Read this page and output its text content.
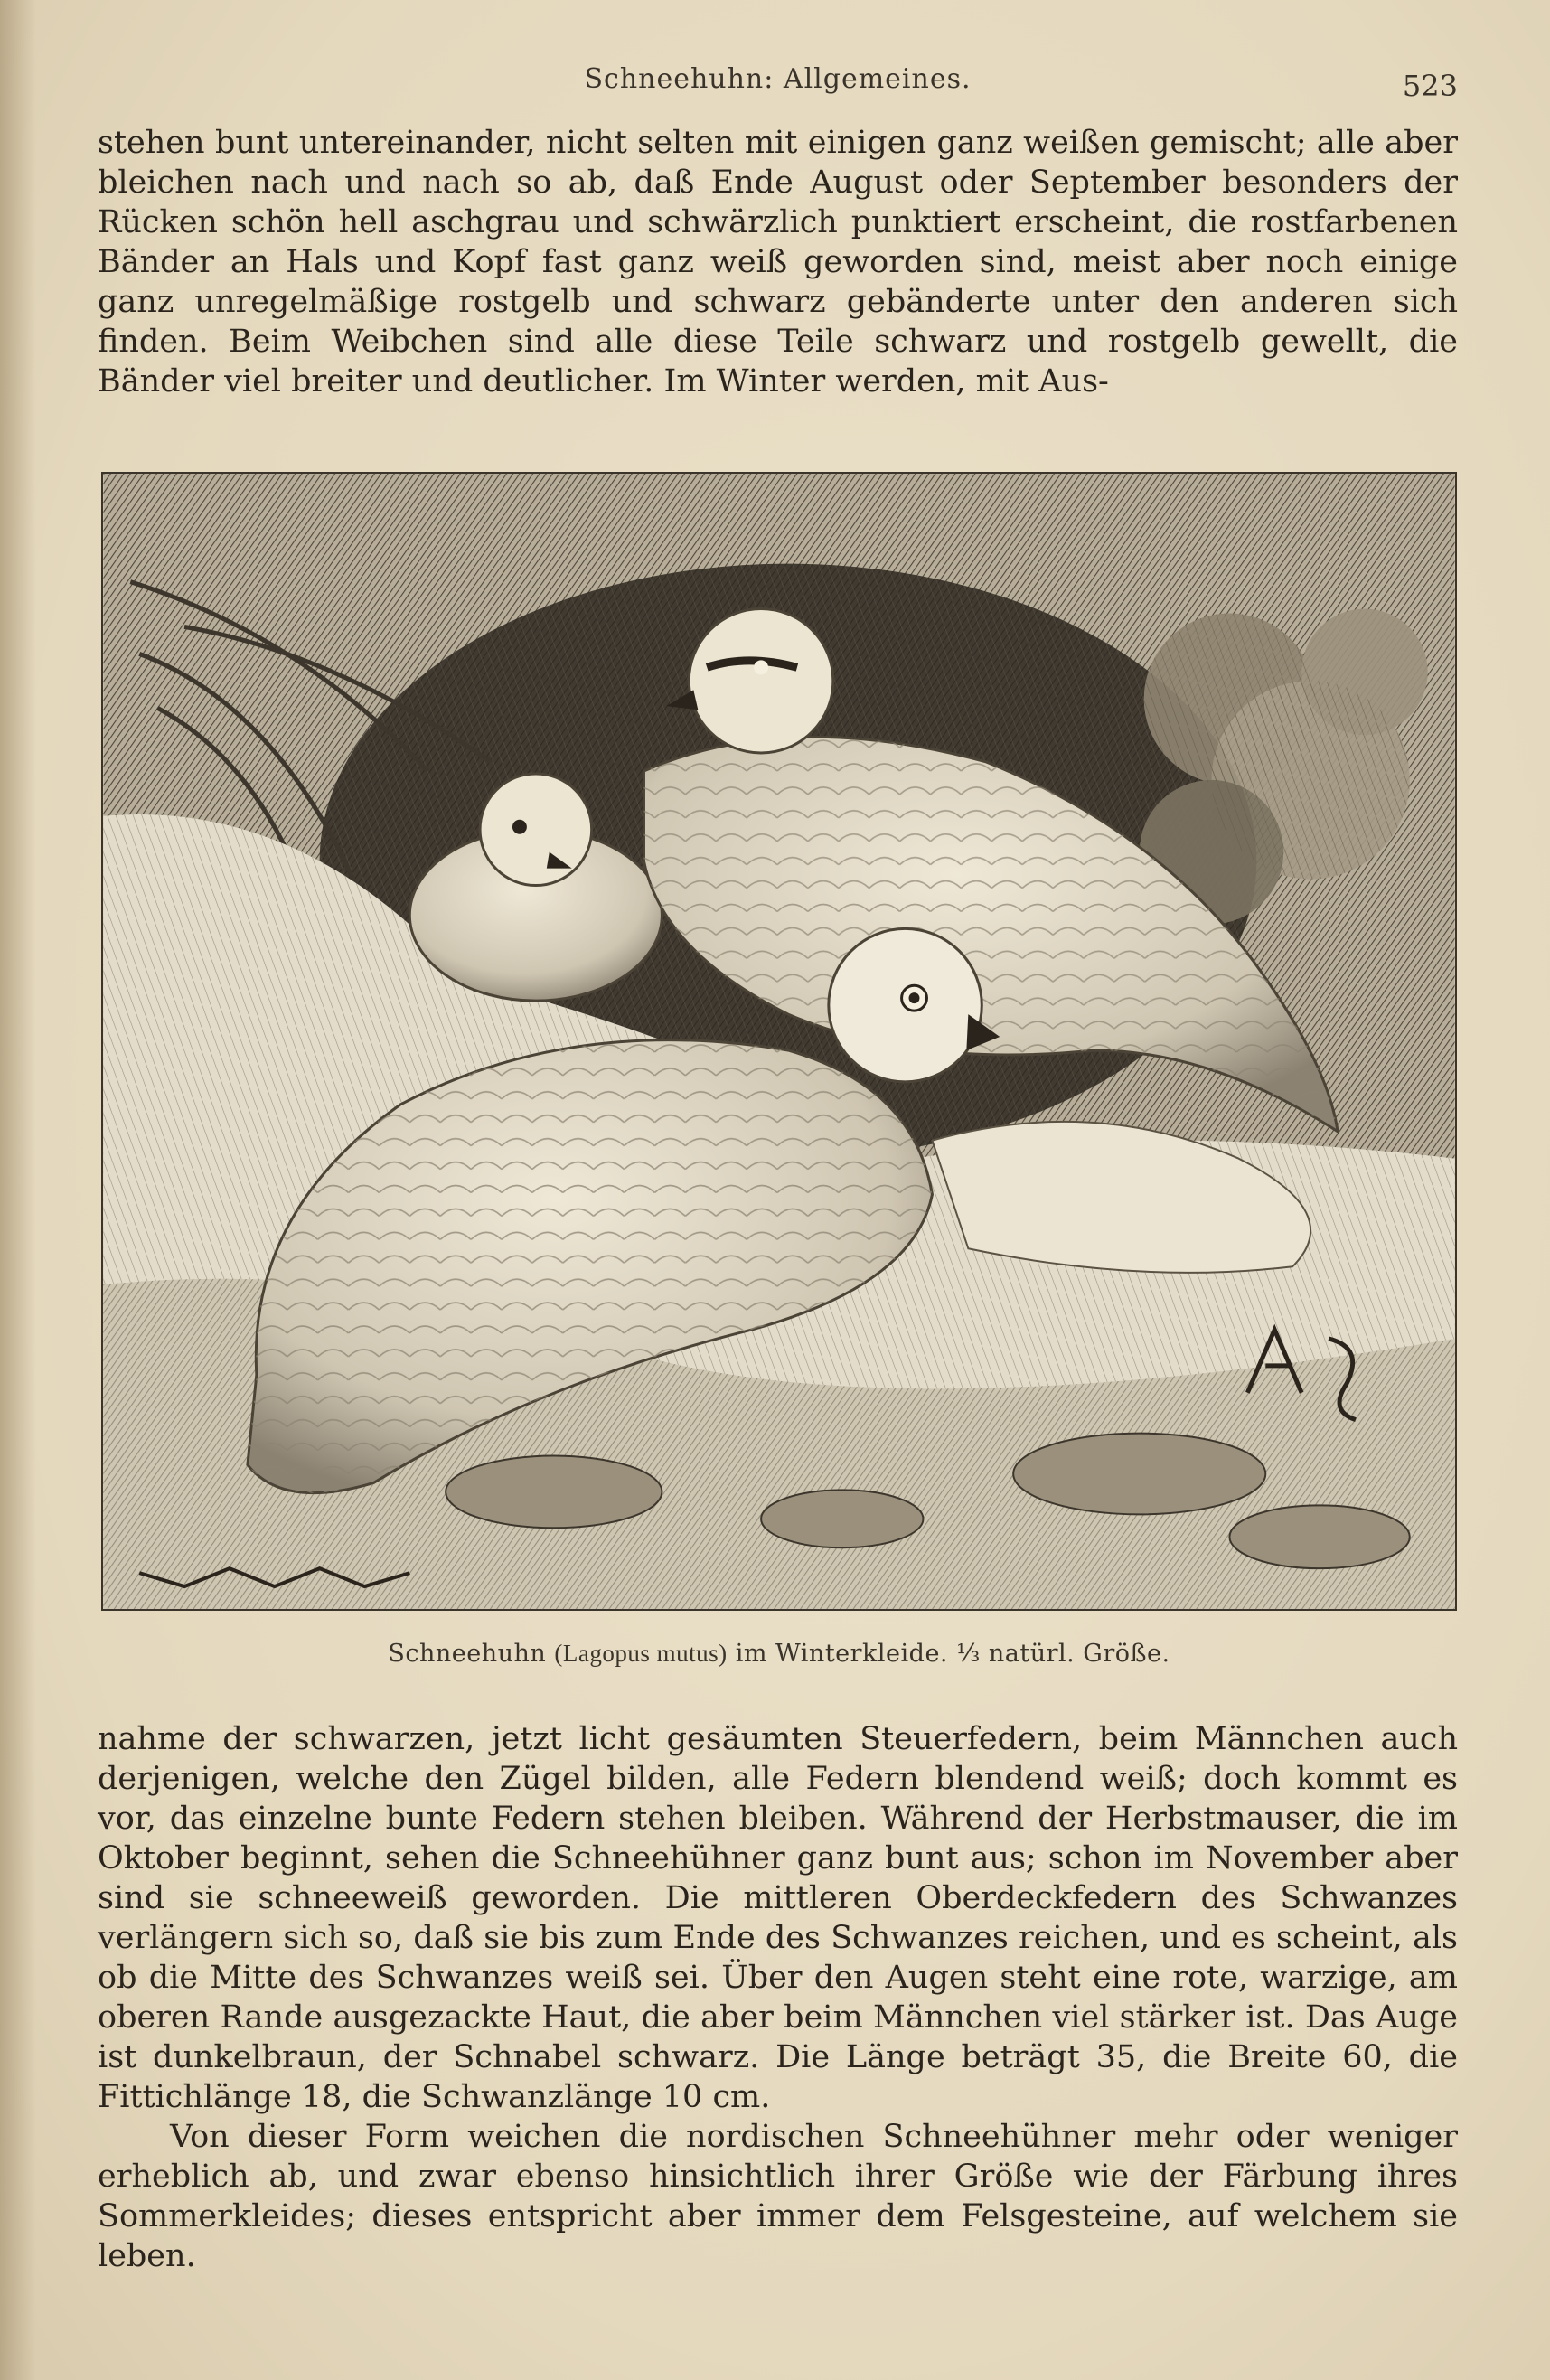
Schneehuhn: Allgemeines.	523

stehen bunt untereinander, nicht selten mit einigen ganz weißen gemischt; alle aber bleichen nach und nach so ab, daß Ende August oder September besonders der Rücken schön hell aschgrau und schwärzlich punktiert erscheint, die rostfarbenen Bänder an Hals und Kopf fast ganz weiß geworden sind, meist aber noch einige ganz unregelmäßige rostgelb und schwarz gebänderte unter den anderen sich finden. Beim Weibchen sind alle diese Teile schwarz und rostgelb gewellt, die Bänder viel breiter und deutlicher. Im Winter werden, mit Aus-

Schneehuhn (Lagopus mutus) im Winterkleide. ⅓ natürl. Größe.

nahme der schwarzen, jetzt licht gesäumten Steuerfedern, beim Männchen auch derjenigen, welche den Zügel bilden, alle Federn blendend weiß; doch kommt es vor, das einzelne bunte Federn stehen bleiben. Während der Herbstmauser, die im Oktober beginnt, sehen die Schneehühner ganz bunt aus; schon im November aber sind sie schneeweiß geworden. Die mittleren Oberdeckfedern des Schwanzes verlängern sich so, daß sie bis zum Ende des Schwanzes reichen, und es scheint, als ob die Mitte des Schwanzes weiß sei. Über den Augen steht eine rote, warzige, am oberen Rande ausgezackte Haut, die aber beim Männchen viel stärker ist. Das Auge ist dunkelbraun, der Schnabel schwarz. Die Länge beträgt 35, die Breite 60, die Fittichlänge 18, die Schwanzlänge 10 cm.

Von dieser Form weichen die nordischen Schneehühner mehr oder weniger erheblich ab, und zwar ebenso hinsichtlich ihrer Größe wie der Färbung ihres Sommerkleides; dieses entspricht aber immer dem Felsgesteine, auf welchem sie leben.
